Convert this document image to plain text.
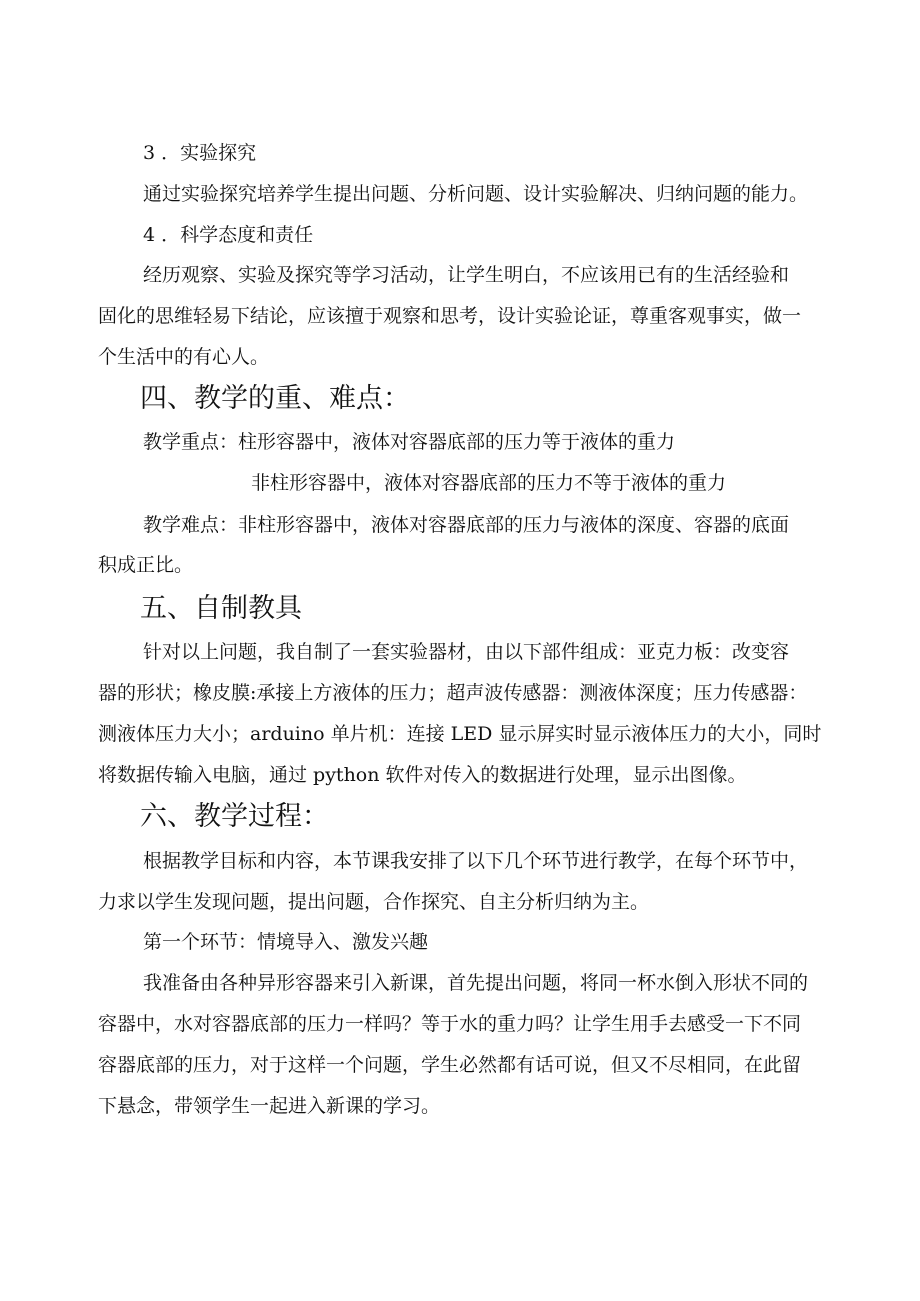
3 ．实验探究
通过实验探究培养学生提出问题、分析问题、设计实验解决、归纳问题的能力。
4 ．科学态度和责任
经历观察、实验及探究等学习活动，让学生明白，不应该用已有的生活经验和
固化的思维轻易下结论，应该擅于观察和思考，设计实验论证，尊重客观事实，做一
个生活中的有心人。
四、教学的重、难点：
教学重点：柱形容器中，液体对容器底部的压力等于液体的重力
非柱形容器中，液体对容器底部的压力不等于液体的重力
教学难点：非柱形容器中，液体对容器底部的压力与液体的深度、容器的底面
积成正比。
五、自制教具
针对以上问题，我自制了一套实验器材，由以下部件组成：亚克力板：改变容
器的形状；橡皮膜:承接上方液体的压力；超声波传感器：测液体深度；压力传感器：
测液体压力大小；arduino 单片机：连接 LED 显示屏实时显示液体压力的大小，同时
将数据传输入电脑，通过 python 软件对传入的数据进行处理，显示出图像。
六、教学过程：
根据教学目标和内容，本节课我安排了以下几个环节进行教学，在每个环节中，
力求以学生发现问题，提出问题，合作探究、自主分析归纳为主。
第一个环节：情境导入、激发兴趣
我准备由各种异形容器来引入新课，首先提出问题，将同一杯水倒入形状不同的
容器中，水对容器底部的压力一样吗？等于水的重力吗？让学生用手去感受一下不同
容器底部的压力，对于这样一个问题，学生必然都有话可说，但又不尽相同，在此留
下悬念，带领学生一起进入新课的学习。
